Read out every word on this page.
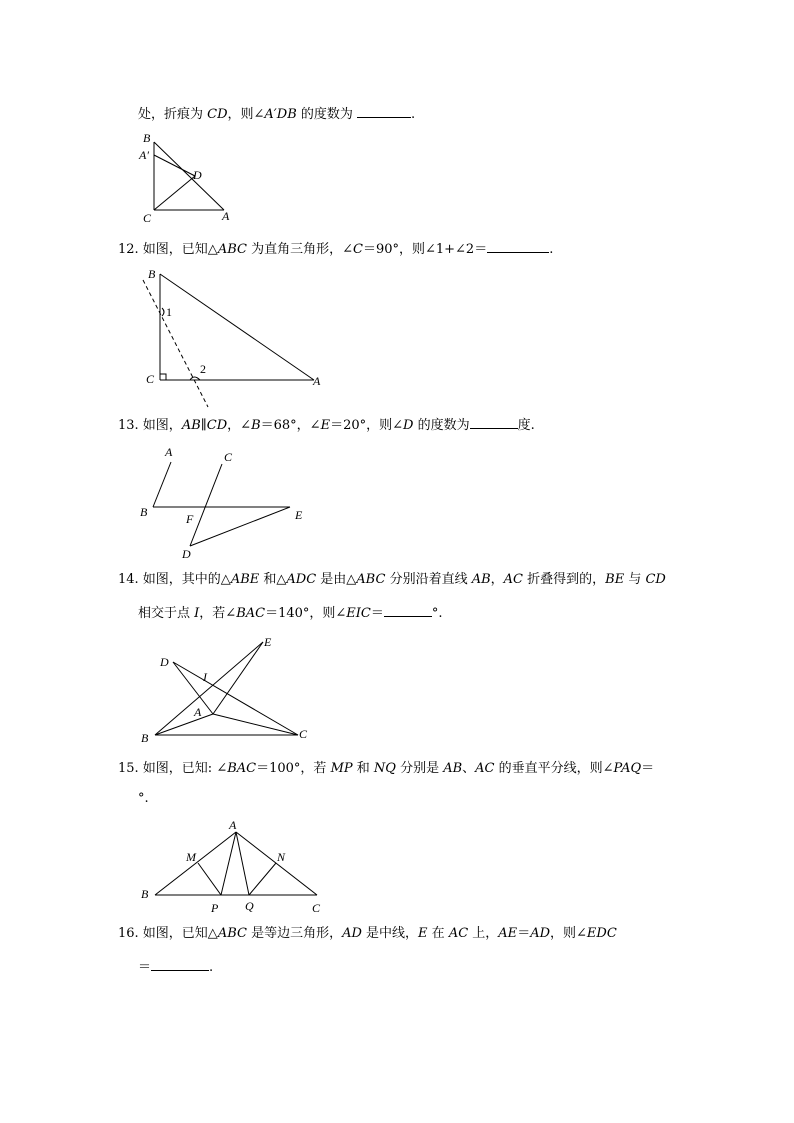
处，折痕为 CD，则∠A′DB 的度数为	.
B
A′
D
C	A
12. 如图，已知△ABC 为直角三角形，∠C＝90°，则∠1+∠2＝	.
B
1
2
C	A
13. 如图，AB∥CD，∠B＝68°，∠E＝20°，则∠D 的度数为	度.
A	C
B	F	E
D
14. 如图，其中的△ABE 和△ADC 是由△ABC 分别沿着直线 AB，AC 折叠得到的，BE 与 CD
相交于点 I，若∠BAC＝140°，则∠EIC＝	°.
E
D
I
A
B	C
15. 如图，已知: ∠BAC＝100°，若 MP 和 NQ 分别是 AB、AC 的垂直平分线，则∠PAQ＝
°.
A
M	N
B
P Q	C
16. 如图，已知△ABC 是等边三角形，AD 是中线，E 在 AC 上，AE＝AD，则∠EDC
＝	.
